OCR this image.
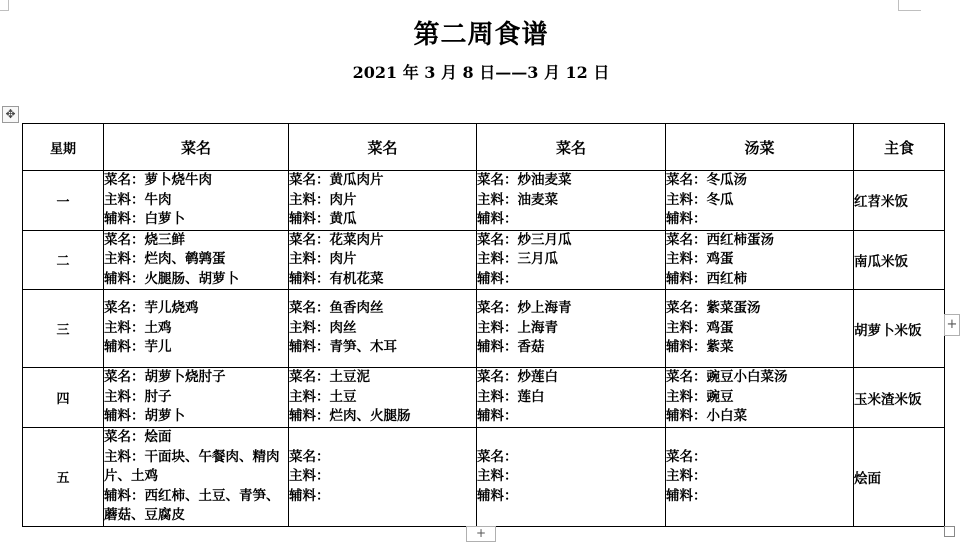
第二周食谱
2021 年 3 月 8 日——3 月 12 日
✥
星期	菜名	菜名	菜名	汤菜	主食
一	菜名：萝卜烧牛肉
主料：牛肉
辅料：白萝卜	菜名：黄瓜肉片
主料：肉片
辅料：黄瓜	菜名：炒油麦菜
主料：油麦菜
辅料：	菜名：冬瓜汤
主料：冬瓜
辅料：	红苕米饭
二	菜名：烧三鲜
主料：烂肉、鹌鹑蛋
辅料：火腿肠、胡萝卜	菜名：花菜肉片
主料：肉片
辅料：有机花菜	菜名：炒三月瓜
主料：三月瓜
辅料：	菜名：西红柿蛋汤
主料：鸡蛋
辅料：西红柿	南瓜米饭
三	菜名：芋儿烧鸡
主料：土鸡
辅料：芋儿	菜名：鱼香肉丝
主料：肉丝
辅料：青笋、木耳	菜名：炒上海青
主料：上海青
辅料：香菇	菜名：紫菜蛋汤
主料：鸡蛋
辅料：紫菜	胡萝卜米饭
四	菜名：胡萝卜烧肘子
主料：肘子
辅料：胡萝卜	菜名：土豆泥
主料：土豆
辅料：烂肉、火腿肠	菜名：炒莲白
主料：莲白
辅料：	菜名：豌豆小白菜汤
主料：豌豆
辅料：小白菜	玉米渣米饭
五	菜名：烩面
主料：干面块、午餐肉、精肉片、土鸡
辅料：西红柿、土豆、青笋、蘑菇、豆腐皮	菜名：
主料：
辅料：	菜名：
主料：
辅料：	菜名：
主料：
辅料：	烩面
+
+
